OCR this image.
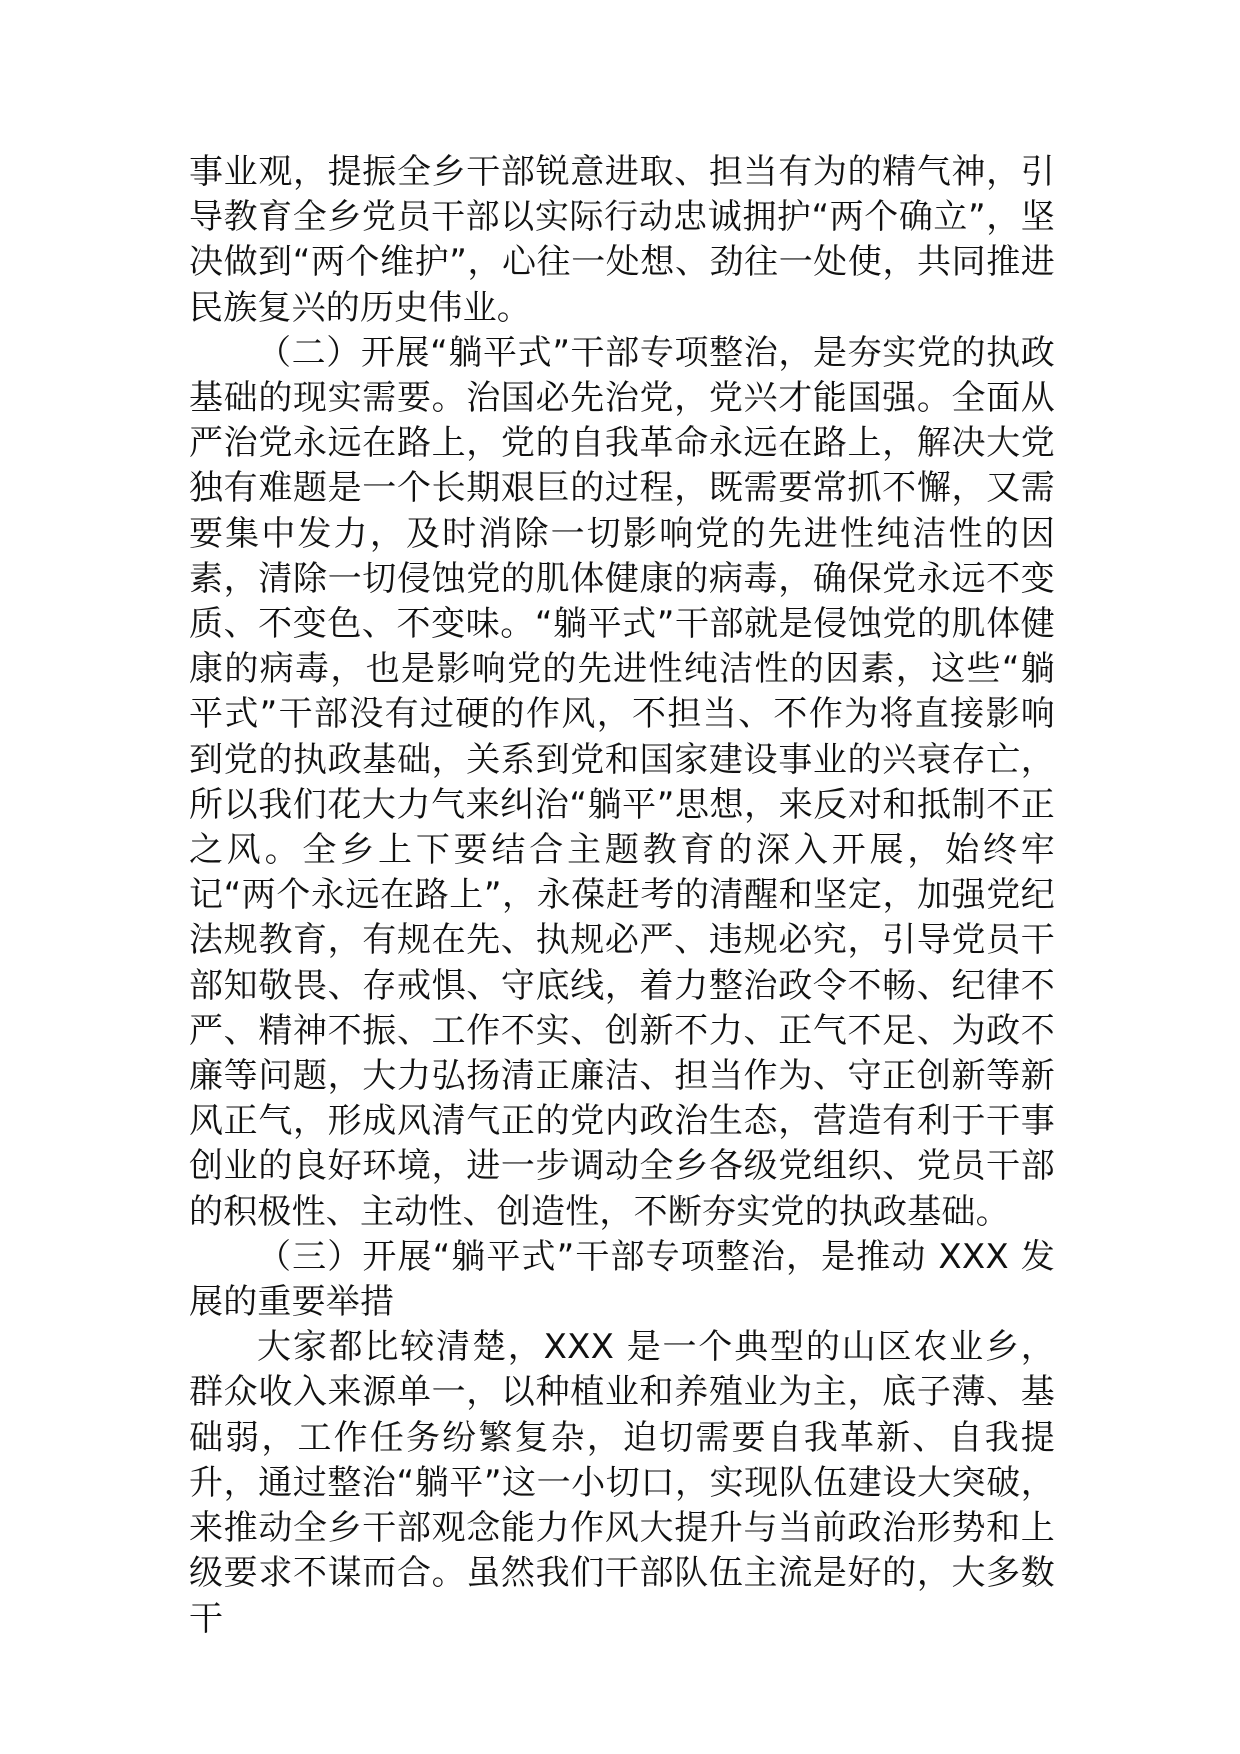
事业观，提振全乡干部锐意进取、担当有为的精气神，引导教育全乡党员干部以实际行动忠诚拥护“两个确立”，坚决做到“两个维护”，心往一处想、劲往一处使，共同推进民族复兴的历史伟业。

（二）开展“躺平式”干部专项整治，是夯实党的执政基础的现实需要。治国必先治党，党兴才能国强。全面从严治党永远在路上，党的自我革命永远在路上，解决大党独有难题是一个长期艰巨的过程，既需要常抓不懈，又需要集中发力，及时消除一切影响党的先进性纯洁性的因素，清除一切侵蚀党的肌体健康的病毒，确保党永远不变质、不变色、不变味。“躺平式”干部就是侵蚀党的肌体健康的病毒，也是影响党的先进性纯洁性的因素，这些“躺平式”干部没有过硬的作风，不担当、不作为将直接影响到党的执政基础，关系到党和国家建设事业的兴衰存亡，所以我们花大力气来纠治“躺平”思想，来反对和抵制不正之风。全乡上下要结合主题教育的深入开展，始终牢记“两个永远在路上”，永葆赶考的清醒和坚定，加强党纪法规教育，有规在先、执规必严、违规必究，引导党员干部知敬畏、存戒惧、守底线，着力整治政令不畅、纪律不严、精神不振、工作不实、创新不力、正气不足、为政不廉等问题，大力弘扬清正廉洁、担当作为、守正创新等新风正气，形成风清气正的党内政治生态，营造有利于干事创业的良好环境，进一步调动全乡各级党组织、党员干部的积极性、主动性、创造性，不断夯实党的执政基础。

（三）开展“躺平式”干部专项整治，是推动 XXX 发展的重要举措

大家都比较清楚，XXX 是一个典型的山区农业乡，群众收入来源单一，以种植业和养殖业为主，底子薄、基础弱，工作任务纷繁复杂，迫切需要自我革新、自我提升，通过整治“躺平”这一小切口，实现队伍建设大突破，来推动全乡干部观念能力作风大提升与当前政治形势和上级要求不谋而合。虽然我们干部队伍主流是好的，大多数干
